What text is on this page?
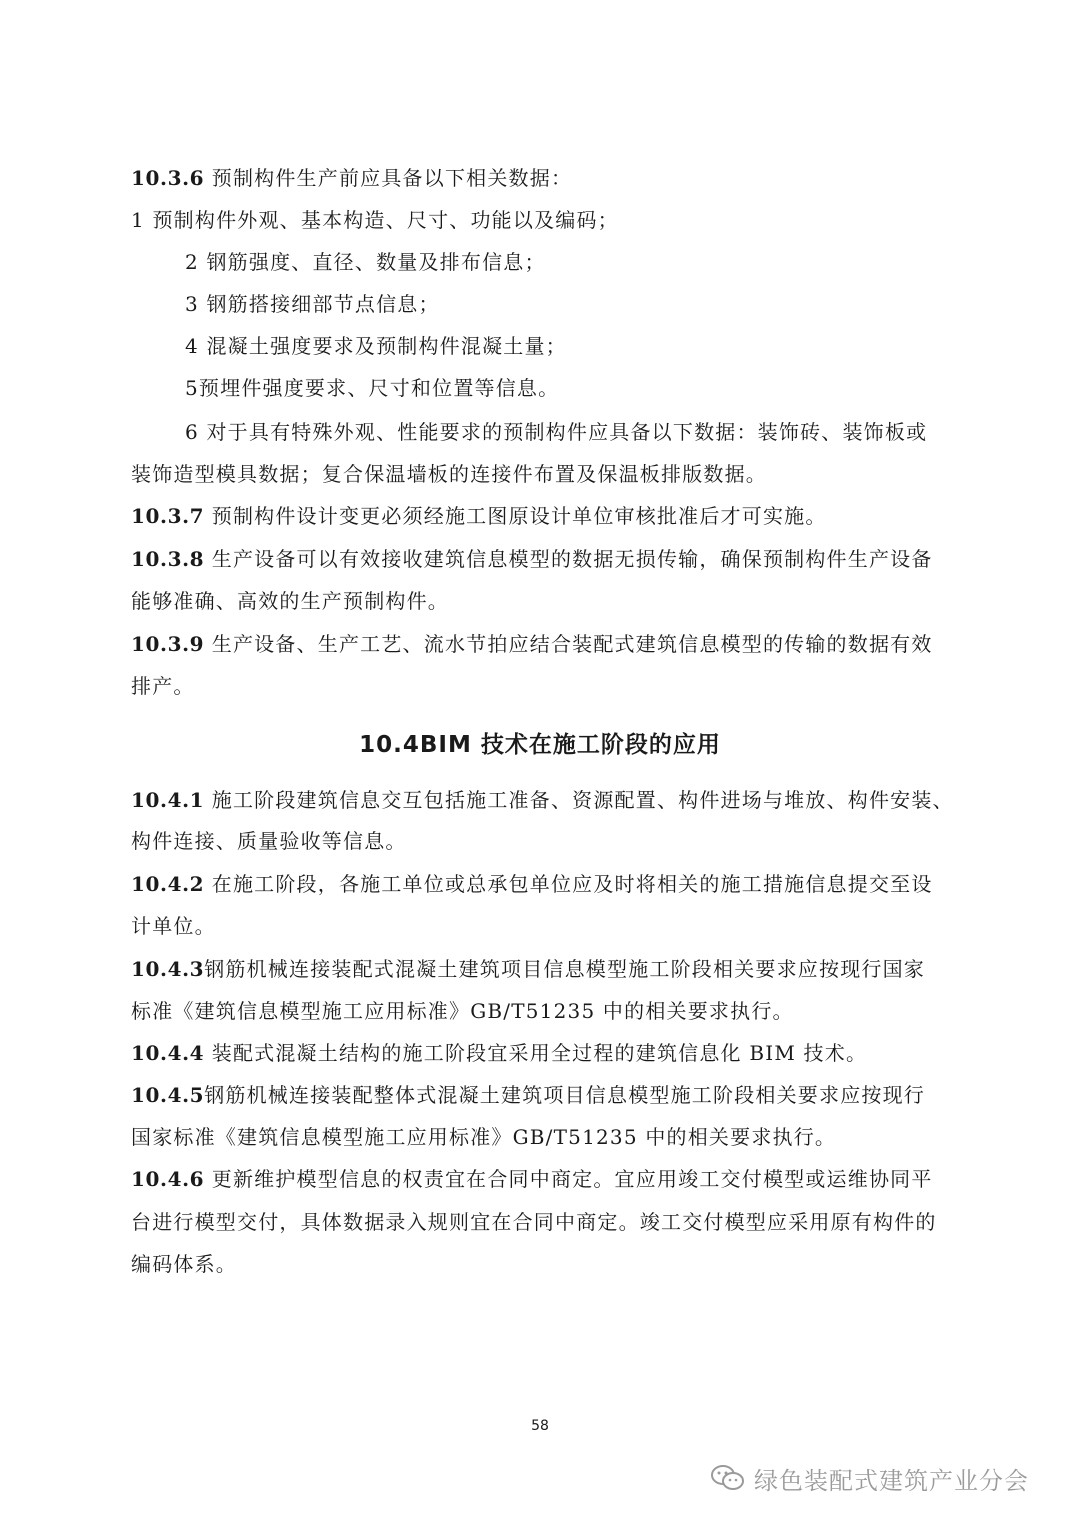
10.3.6 预制构件生产前应具备以下相关数据：
1 预制构件外观、基本构造、尺寸、功能以及编码；
2 钢筋强度、直径、数量及排布信息；
3 钢筋搭接细部节点信息；
4 混凝土强度要求及预制构件混凝土量；
5预埋件强度要求、尺寸和位置等信息。
6 对于具有特殊外观、性能要求的预制构件应具备以下数据：装饰砖、装饰板或
装饰造型模具数据；复合保温墙板的连接件布置及保温板排版数据。
10.3.7 预制构件设计变更必须经施工图原设计单位审核批准后才可实施。
10.3.8 生产设备可以有效接收建筑信息模型的数据无损传输，确保预制构件生产设备
能够准确、高效的生产预制构件。
10.3.9 生产设备、生产工艺、流水节拍应结合装配式建筑信息模型的传输的数据有效
排产。
10.4BIM 技术在施工阶段的应用
10.4.1 施工阶段建筑信息交互包括施工准备、资源配置、构件进场与堆放、构件安装、
构件连接、质量验收等信息。
10.4.2 在施工阶段，各施工单位或总承包单位应及时将相关的施工措施信息提交至设
计单位。
10.4.3钢筋机械连接装配式混凝土建筑项目信息模型施工阶段相关要求应按现行国家
标准《建筑信息模型施工应用标准》GB/T51235 中的相关要求执行。
10.4.4 装配式混凝土结构的施工阶段宜采用全过程的建筑信息化 BIM 技术。
10.4.5钢筋机械连接装配整体式混凝土建筑项目信息模型施工阶段相关要求应按现行
国家标准《建筑信息模型施工应用标准》GB/T51235 中的相关要求执行。
10.4.6 更新维护模型信息的权责宜在合同中商定。宜应用竣工交付模型或运维协同平
台进行模型交付，具体数据录入规则宜在合同中商定。竣工交付模型应采用原有构件的
编码体系。
58
绿色装配式建筑产业分会
